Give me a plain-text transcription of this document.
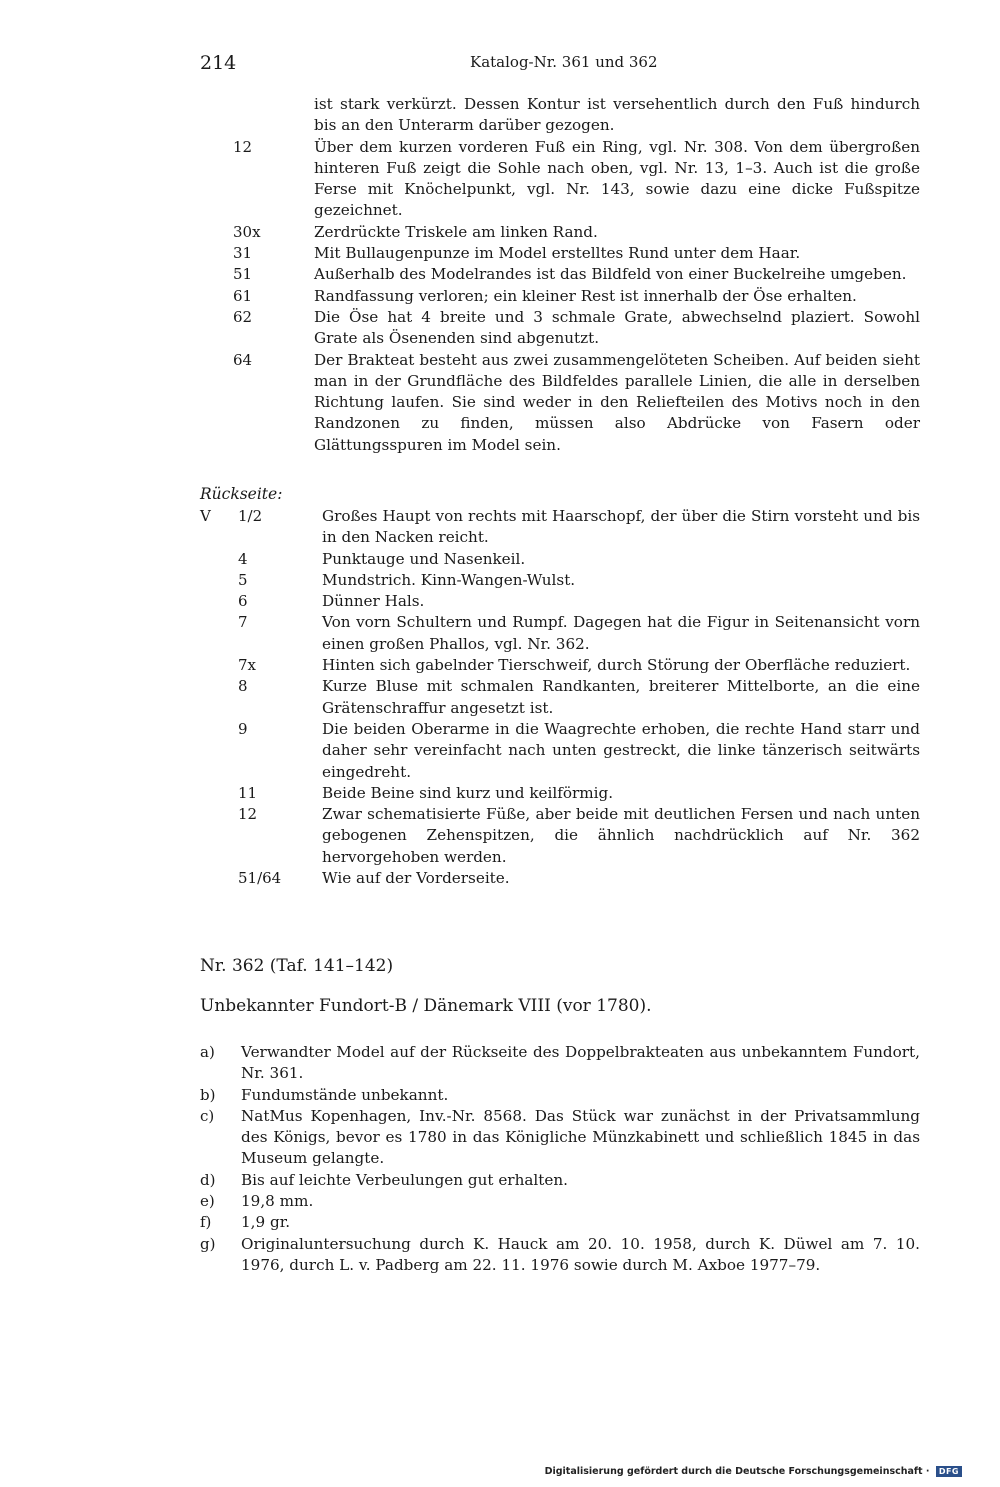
214	Katalog-Nr. 361 und 362
ist stark verkürzt. Dessen Kontur ist versehentlich durch den Fuß hindurch bis an den Unterarm darüber gezogen.
12	Über dem kurzen vorderen Fuß ein Ring, vgl. Nr. 308. Von dem übergroßen hinteren Fuß zeigt die Sohle nach oben, vgl. Nr. 13, 1–3. Auch ist die große Ferse mit Knöchelpunkt, vgl. Nr. 143, sowie dazu eine dicke Fußspitze gezeichnet.
30x	Zerdrückte Triskele am linken Rand.
31	Mit Bullaugenpunze im Model erstelltes Rund unter dem Haar.
51	Außerhalb des Modelrandes ist das Bildfeld von einer Buckelreihe umgeben.
61	Randfassung verloren; ein kleiner Rest ist innerhalb der Öse erhalten.
62	Die Öse hat 4 breite und 3 schmale Grate, abwechselnd plaziert. Sowohl Grate als Ösenenden sind abgenutzt.
64	Der Brakteat besteht aus zwei zusammengelöteten Scheiben. Auf beiden sieht man in der Grundfläche des Bildfeldes parallele Linien, die alle in derselben Richtung laufen. Sie sind weder in den Reliefteilen des Motivs noch in den Randzonen zu finden, müssen also Abdrücke von Fasern oder Glättungsspuren im Model sein.
Rückseite:
V 1/2	Großes Haupt von rechts mit Haarschopf, der über die Stirn vorsteht und bis in den Nacken reicht.
4	Punktauge und Nasenkeil.
5	Mundstrich. Kinn-Wangen-Wulst.
6	Dünner Hals.
7	Von vorn Schultern und Rumpf. Dagegen hat die Figur in Seitenansicht vorn einen großen Phallos, vgl. Nr. 362.
7x	Hinten sich gabelnder Tierschweif, durch Störung der Oberfläche reduziert.
8	Kurze Bluse mit schmalen Randkanten, breiterer Mittelborte, an die eine Grätenschraffur angesetzt ist.
9	Die beiden Oberarme in die Waagrechte erhoben, die rechte Hand starr und daher sehr vereinfacht nach unten gestreckt, die linke tänzerisch seitwärts eingedreht.
11	Beide Beine sind kurz und keilförmig.
12	Zwar schematisierte Füße, aber beide mit deutlichen Fersen und nach unten gebogenen Zehenspitzen, die ähnlich nachdrücklich auf Nr. 362 hervorgehoben werden.
51/64	Wie auf der Vorderseite.
Nr. 362 (Taf. 141–142)
Unbekannter Fundort-B / Dänemark VIII (vor 1780).
a) Verwandter Model auf der Rückseite des Doppelbrakteaten aus unbekanntem Fundort, Nr. 361.
b) Fundumstände unbekannt.
c) NatMus Kopenhagen, Inv.-Nr. 8568. Das Stück war zunächst in der Privatsammlung des Königs, bevor es 1780 in das Königliche Münzkabinett und schließlich 1845 in das Museum gelangte.
d) Bis auf leichte Verbeulungen gut erhalten.
e) 19,8 mm.
f) 1,9 gr.
g) Originaluntersuchung durch K. Hauck am 20. 10. 1958, durch K. Düwel am 7. 10. 1976, durch L. v. Padberg am 22. 11. 1976 sowie durch M. Axboe 1977–79.
Digitalisierung gefördert durch die Deutsche Forschungsgemeinschaft · DFG
